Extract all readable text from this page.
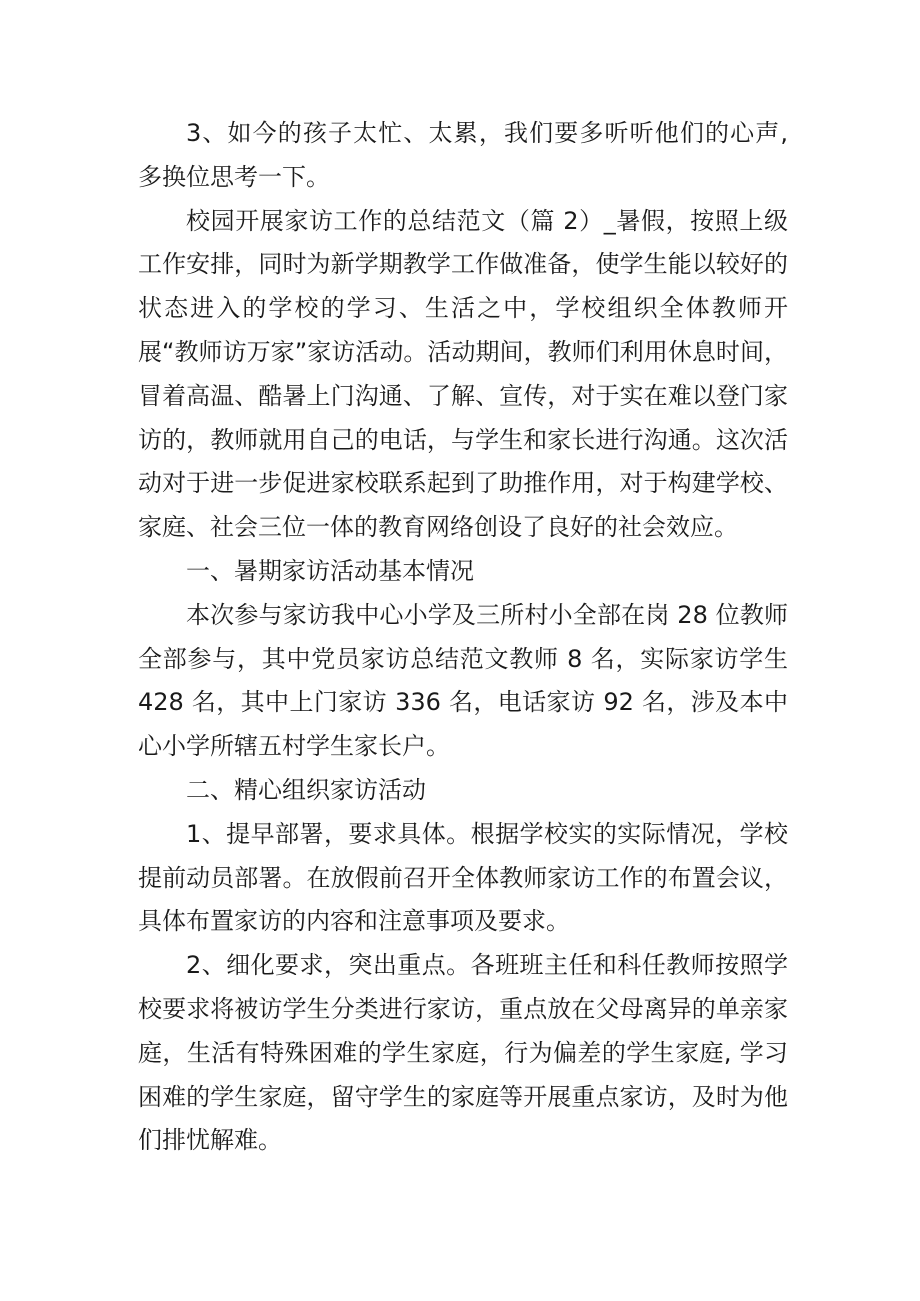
3、如今的孩子太忙、太累，我们要多听听他们的心声, 多换位思考一下。

校园开展家访工作的总结范文（篇 2）_暑假，按照上级工作安排，同时为新学期教学工作做准备，使学生能以较好的状态进入的学校的学习、生活之中，学校组织全体教师开展“教师访万家”家访活动。活动期间，教师们利用休息时间，冒着高温、酷暑上门沟通、了解、宣传，对于实在难以登门家访的，教师就用自己的电话，与学生和家长进行沟通。这次活动对于进一步促进家校联系起到了助推作用，对于构建学校、家庭、社会三位一体的教育网络创设了良好的社会效应。

一、暑期家访活动基本情况

本次参与家访我中心小学及三所村小全部在岗 28 位教师全部参与，其中党员家访总结范文教师 8 名，实际家访学生 428 名，其中上门家访 336 名，电话家访 92 名，涉及本中心小学所辖五村学生家长户。

二、精心组织家访活动

1、提早部署，要求具体。根据学校实的实际情况，学校提前动员部署。在放假前召开全体教师家访工作的布置会议，具体布置家访的内容和注意事项及要求。

2、细化要求，突出重点。各班班主任和科任教师按照学校要求将被访学生分类进行家访，重点放在父母离异的单亲家庭，生活有特殊困难的学生家庭，行为偏差的学生家庭, 学习困难的学生家庭，留守学生的家庭等开展重点家访，及时为他们排忧解难。
